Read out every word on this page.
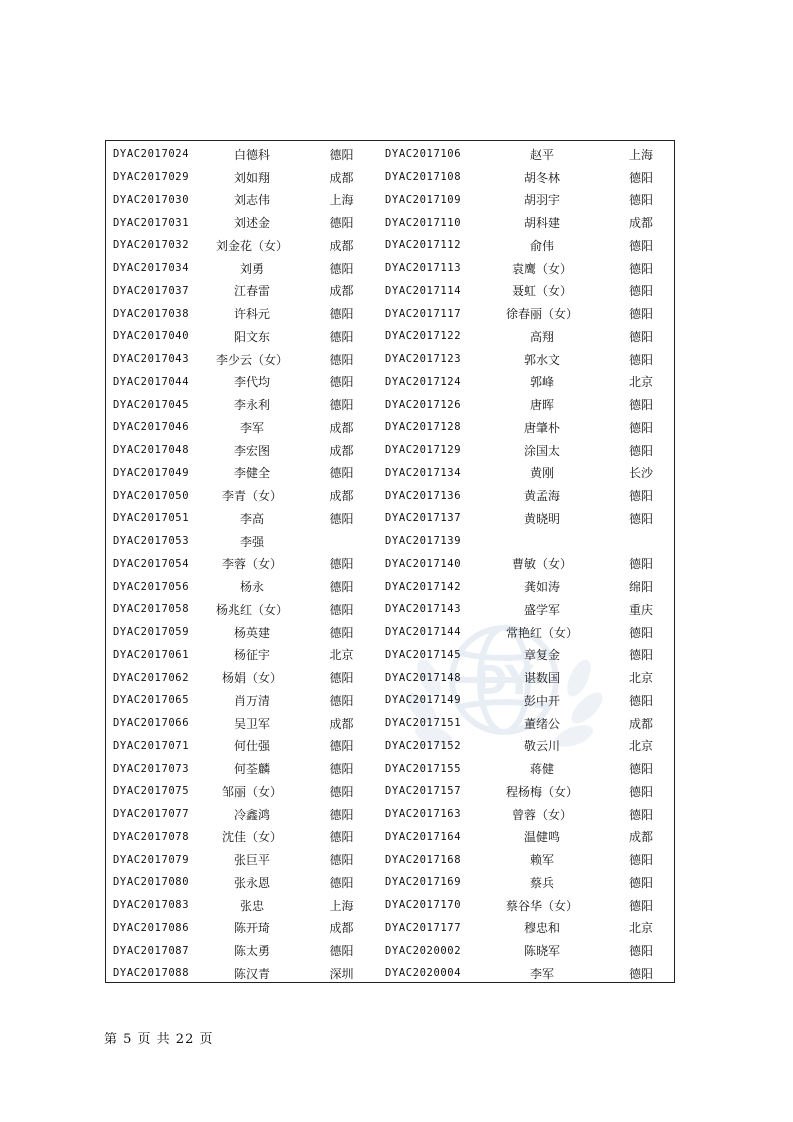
DY
DYAC2017024	白德科	德阳	DYAC2017106	赵平	上海
DYAC2017029	刘如翔	成都	DYAC2017108	胡冬林	德阳
DYAC2017030	刘志伟	上海	DYAC2017109	胡羽宇	德阳
DYAC2017031	刘述金	德阳	DYAC2017110	胡科建	成都
DYAC2017032	刘金花（女）	成都	DYAC2017112	俞伟	德阳
DYAC2017034	刘勇	德阳	DYAC2017113	袁鹰（女）	德阳
DYAC2017037	江春雷	成都	DYAC2017114	聂虹（女）	德阳
DYAC2017038	许科元	德阳	DYAC2017117	徐春丽（女）	德阳
DYAC2017040	阳文东	德阳	DYAC2017122	高翔	德阳
DYAC2017043	李少云（女）	德阳	DYAC2017123	郭水文	德阳
DYAC2017044	李代均	德阳	DYAC2017124	郭峰	北京
DYAC2017045	李永利	德阳	DYAC2017126	唐晖	德阳
DYAC2017046	李军	成都	DYAC2017128	唐肇朴	德阳
DYAC2017048	李宏图	成都	DYAC2017129	涂国太	德阳
DYAC2017049	李健全	德阳	DYAC2017134	黄刚	长沙
DYAC2017050	李青（女）	成都	DYAC2017136	黄孟海	德阳
DYAC2017051	李高	德阳	DYAC2017137	黄晓明	德阳
DYAC2017053	李强		DYAC2017139		
DYAC2017054	李蓉（女）	德阳	DYAC2017140	曹敏（女）	德阳
DYAC2017056	杨永	德阳	DYAC2017142	龚如涛	绵阳
DYAC2017058	杨兆红（女）	德阳	DYAC2017143	盛学军	重庆
DYAC2017059	杨英建	德阳	DYAC2017144	常艳红（女）	德阳
DYAC2017061	杨征宇	北京	DYAC2017145	章复金	德阳
DYAC2017062	杨娟（女）	德阳	DYAC2017148	谌数国	北京
DYAC2017065	肖万清	德阳	DYAC2017149	彭中开	德阳
DYAC2017066	吴卫军	成都	DYAC2017151	董绪公	成都
DYAC2017071	何仕强	德阳	DYAC2017152	敬云川	北京
DYAC2017073	何荃麟	德阳	DYAC2017155	蒋健	德阳
DYAC2017075	邹丽（女）	德阳	DYAC2017157	程杨梅（女）	德阳
DYAC2017077	冷鑫鸿	德阳	DYAC2017163	曾蓉（女）	德阳
DYAC2017078	沈佳（女）	德阳	DYAC2017164	温健鸣	成都
DYAC2017079	张巨平	德阳	DYAC2017168	赖军	德阳
DYAC2017080	张永恩	德阳	DYAC2017169	蔡兵	德阳
DYAC2017083	张忠	上海	DYAC2017170	蔡谷华（女）	德阳
DYAC2017086	陈开琦	成都	DYAC2017177	穆忠和	北京
DYAC2017087	陈太勇	德阳	DYAC2020002	陈晓军	德阳
DYAC2017088	陈汉青	深圳	DYAC2020004	李军	德阳
第 5 页 共 22 页
